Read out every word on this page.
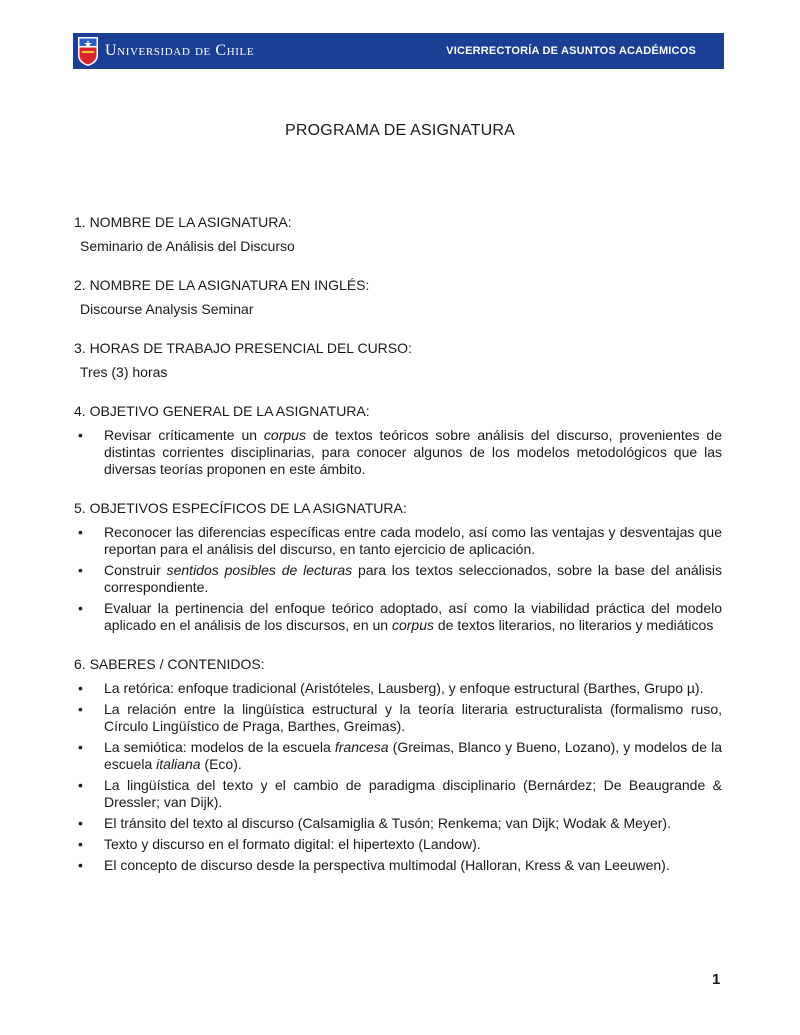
Universidad de Chile	VICERRECTORÍA DE ASUNTOS ACADÉMICOS
PROGRAMA DE ASIGNATURA
1. NOMBRE DE LA ASIGNATURA:
Seminario de Análisis del Discurso
2. NOMBRE DE LA ASIGNATURA EN INGLÉS:
Discourse Analysis Seminar
3. HORAS DE TRABAJO PRESENCIAL DEL CURSO:
Tres (3) horas
4. OBJETIVO GENERAL DE LA ASIGNATURA:
• Revisar críticamente un corpus de textos teóricos sobre análisis del discurso, provenientes de distintas corrientes disciplinarias, para conocer algunos de los modelos metodológicos que las diversas teorías proponen en este ámbito.
5. OBJETIVOS ESPECÍFICOS DE LA ASIGNATURA:
• Reconocer las diferencias específicas entre cada modelo, así como las ventajas y desventajas que reportan para el análisis del discurso, en tanto ejercicio de aplicación.
• Construir sentidos posibles de lecturas para los textos seleccionados, sobre la base del análisis correspondiente.
• Evaluar la pertinencia del enfoque teórico adoptado, así como la viabilidad práctica del modelo aplicado en el análisis de los discursos, en un corpus de textos literarios, no literarios y mediáticos
6. SABERES / CONTENIDOS:
• La retórica: enfoque tradicional (Aristóteles, Lausberg), y enfoque estructural (Barthes, Grupo µ).
• La relación entre la lingüística estructural y la teoría literaria estructuralista (formalismo ruso, Círculo Lingüístico de Praga, Barthes, Greimas).
• La semiótica: modelos de la escuela francesa (Greimas, Blanco y Bueno, Lozano), y modelos de la escuela italiana (Eco).
• La lingüística del texto y el cambio de paradigma disciplinario (Bernárdez; De Beaugrande & Dressler; van Dijk).
• El tránsito del texto al discurso (Calsamiglia & Tusón; Renkema; van Dijk; Wodak & Meyer).
• Texto y discurso en el formato digital: el hipertexto (Landow).
• El concepto de discurso desde la perspectiva multimodal (Halloran, Kress & van Leeuwen).
1
